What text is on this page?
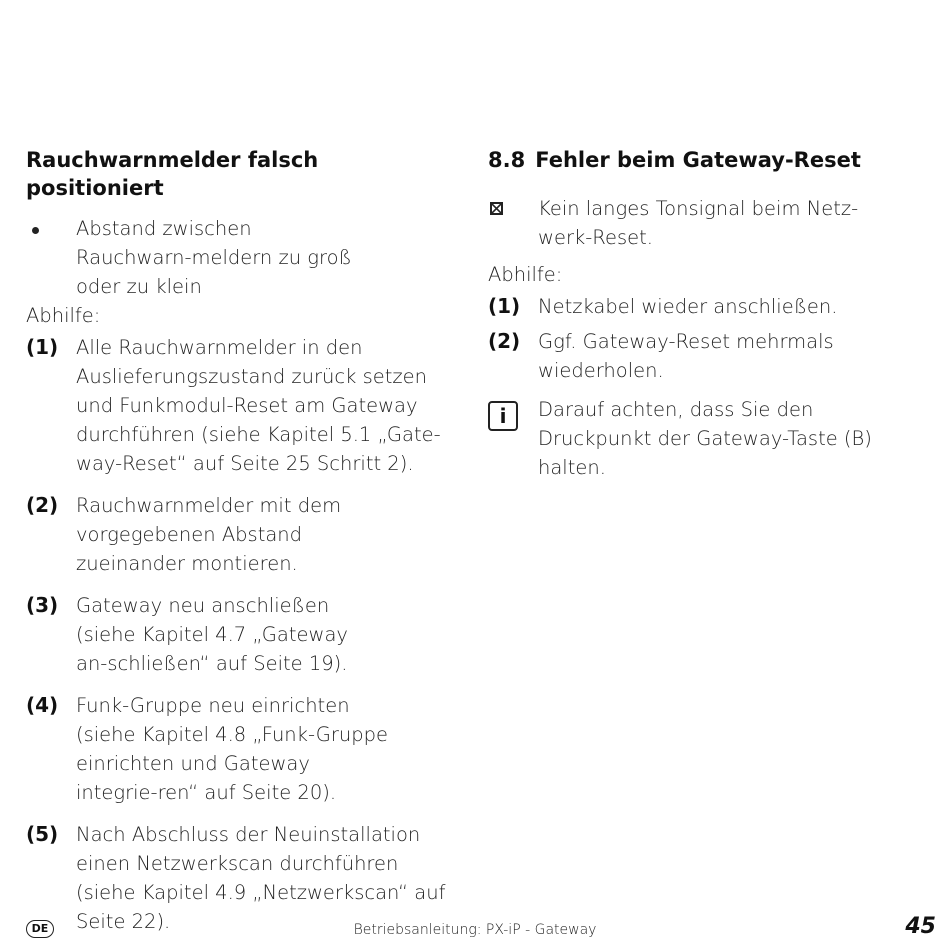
Rauchwarnmelder falsch positioniert
Abstand zwischen Rauchwarn-meldern zu groß oder zu klein
Abhilfe:
(1) Alle Rauchwarnmelder in den Auslieferungszustand zurück setzen und Funkmodul-Reset am Gateway durchführen (siehe Kapitel 5.1 „Gate-way-Reset“ auf Seite 25 Schritt 2).
(2) Rauchwarnmelder mit dem vorgegebenen Abstand zueinander montieren.
(3) Gateway neu anschließen (siehe Kapitel 4.7 „Gateway an-schließen“ auf Seite 19).
(4) Funk-Gruppe neu einrichten (siehe Kapitel 4.8 „Funk-Gruppe einrichten und Gateway integrie-ren“ auf Seite 20).
(5) Nach Abschluss der Neuinstallation einen Netzwerkscan durchführen (siehe Kapitel 4.9 „Netzwerkscan“ auf Seite 22).
8.8 Fehler beim Gateway-Reset
Kein langes Tonsignal beim Netz-werk-Reset.
Abhilfe:
(1) Netzkabel wieder anschließen.
(2) Ggf. Gateway-Reset mehrmals wiederholen.
i	Darauf achten, dass Sie den Druckpunkt der Gateway-Taste (B) halten.
DE	Betriebsanleitung: PX-iP - Gateway	45
